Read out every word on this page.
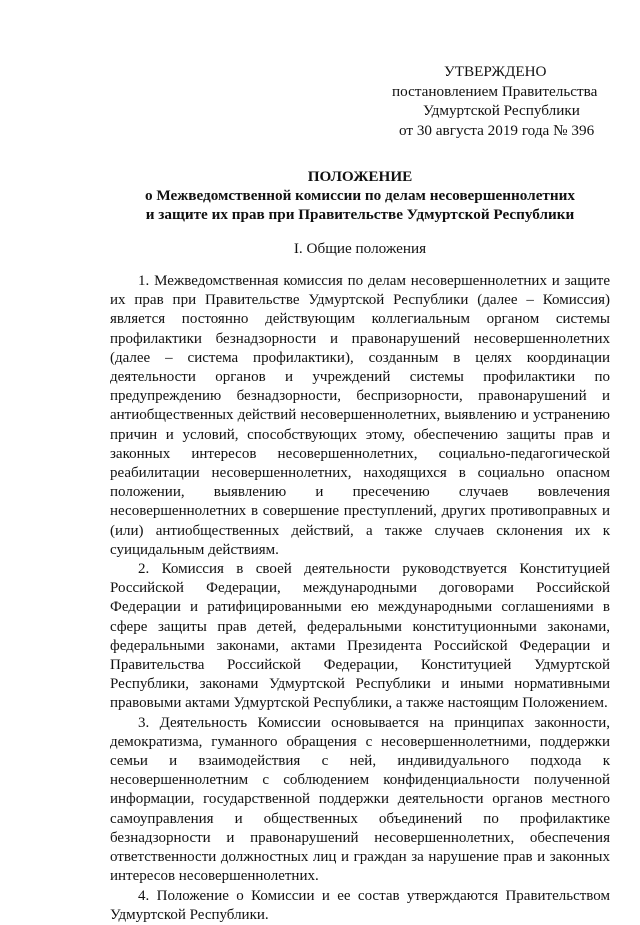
УТВЕРЖДЕНО
постановлением Правительства
Удмуртской Республики
от 30 августа 2019 года № 396
ПОЛОЖЕНИЕ
о Межведомственной комиссии по делам несовершеннолетних
и защите их прав при Правительстве Удмуртской Республики
I. Общие положения

1. Межведомственная комиссия по делам несовершеннолетних и защите их прав при Правительстве Удмуртской Республики (далее – Комиссия) является постоянно действующим коллегиальным органом системы профилактики безнадзорности и правонарушений несовершеннолетних (далее – система профилактики), созданным в целях координации деятельности органов и учреждений системы профилактики по предупреждению безнадзорности, беспризорности, правонарушений и антиобщественных действий несовершеннолетних, выявлению и устранению причин и условий, способствующих этому, обеспечению защиты прав и законных интересов несовершеннолетних, социально-педагогической реабилитации несовершеннолетних, находящихся в социально опасном положении, выявлению и пресечению случаев вовлечения несовершеннолетних в совершение преступлений, других противоправных и (или) антиобщественных действий, а также случаев склонения их к суицидальным действиям.

2. Комиссия в своей деятельности руководствуется Конституцией Российской Федерации, международными договорами Российской Федерации и ратифицированными ею международными соглашениями в сфере защиты прав детей, федеральными конституционными законами, федеральными законами, актами Президента Российской Федерации и Правительства Российской Федерации, Конституцией Удмуртской Республики, законами Удмуртской Республики и иными нормативными правовыми актами Удмуртской Республики, а также настоящим Положением.

3. Деятельность Комиссии основывается на принципах законности, демократизма, гуманного обращения с несовершеннолетними, поддержки семьи и взаимодействия с ней, индивидуального подхода к несовершеннолетним с соблюдением конфиденциальности полученной информации, государственной поддержки деятельности органов местного самоуправления и общественных объединений по профилактике безнадзорности и правонарушений несовершеннолетних, обеспечения ответственности должностных лиц и граждан за нарушение прав и законных интересов несовершеннолетних.

4. Положение о Комиссии и ее состав утверждаются Правительством Удмуртской Республики.
